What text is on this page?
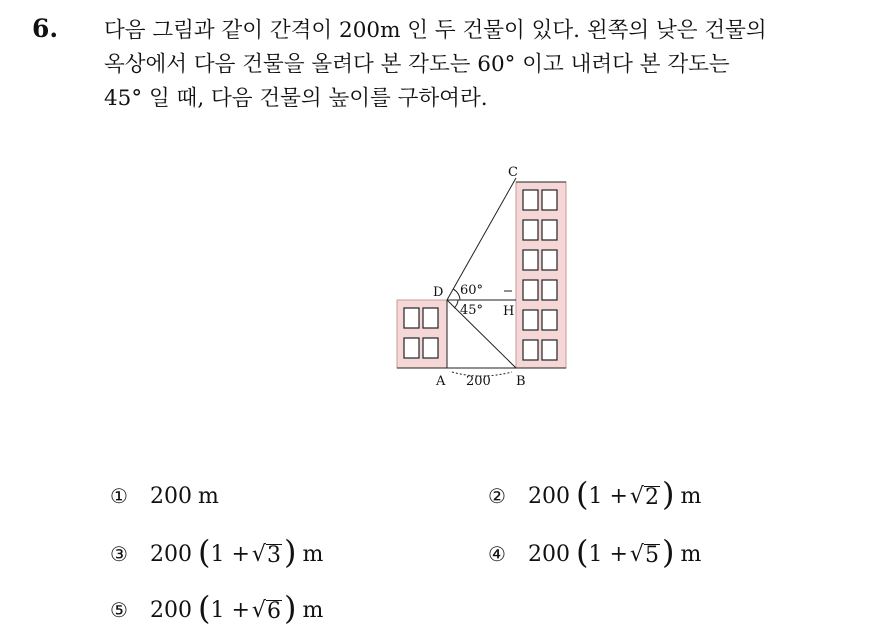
6. 다음 그림과 같이 간격이 200m 인 두 건물이 있다. 왼쪽의 낮은 건물의
옥상에서 다음 건물을 올려다 본 각도는 60° 이고 내려다 본 각도는
45° 일 때, 다음 건물의 높이를 구하여라.
C
D
H
A	B
60°
45°
200
①	200 m	②	200 ( 1 + √ 2 ) m
③	200 ( 1 + √ 3 ) m	④	200 ( 1 + √ 5 ) m
⑤	200 ( 1 + √ 6 ) m
